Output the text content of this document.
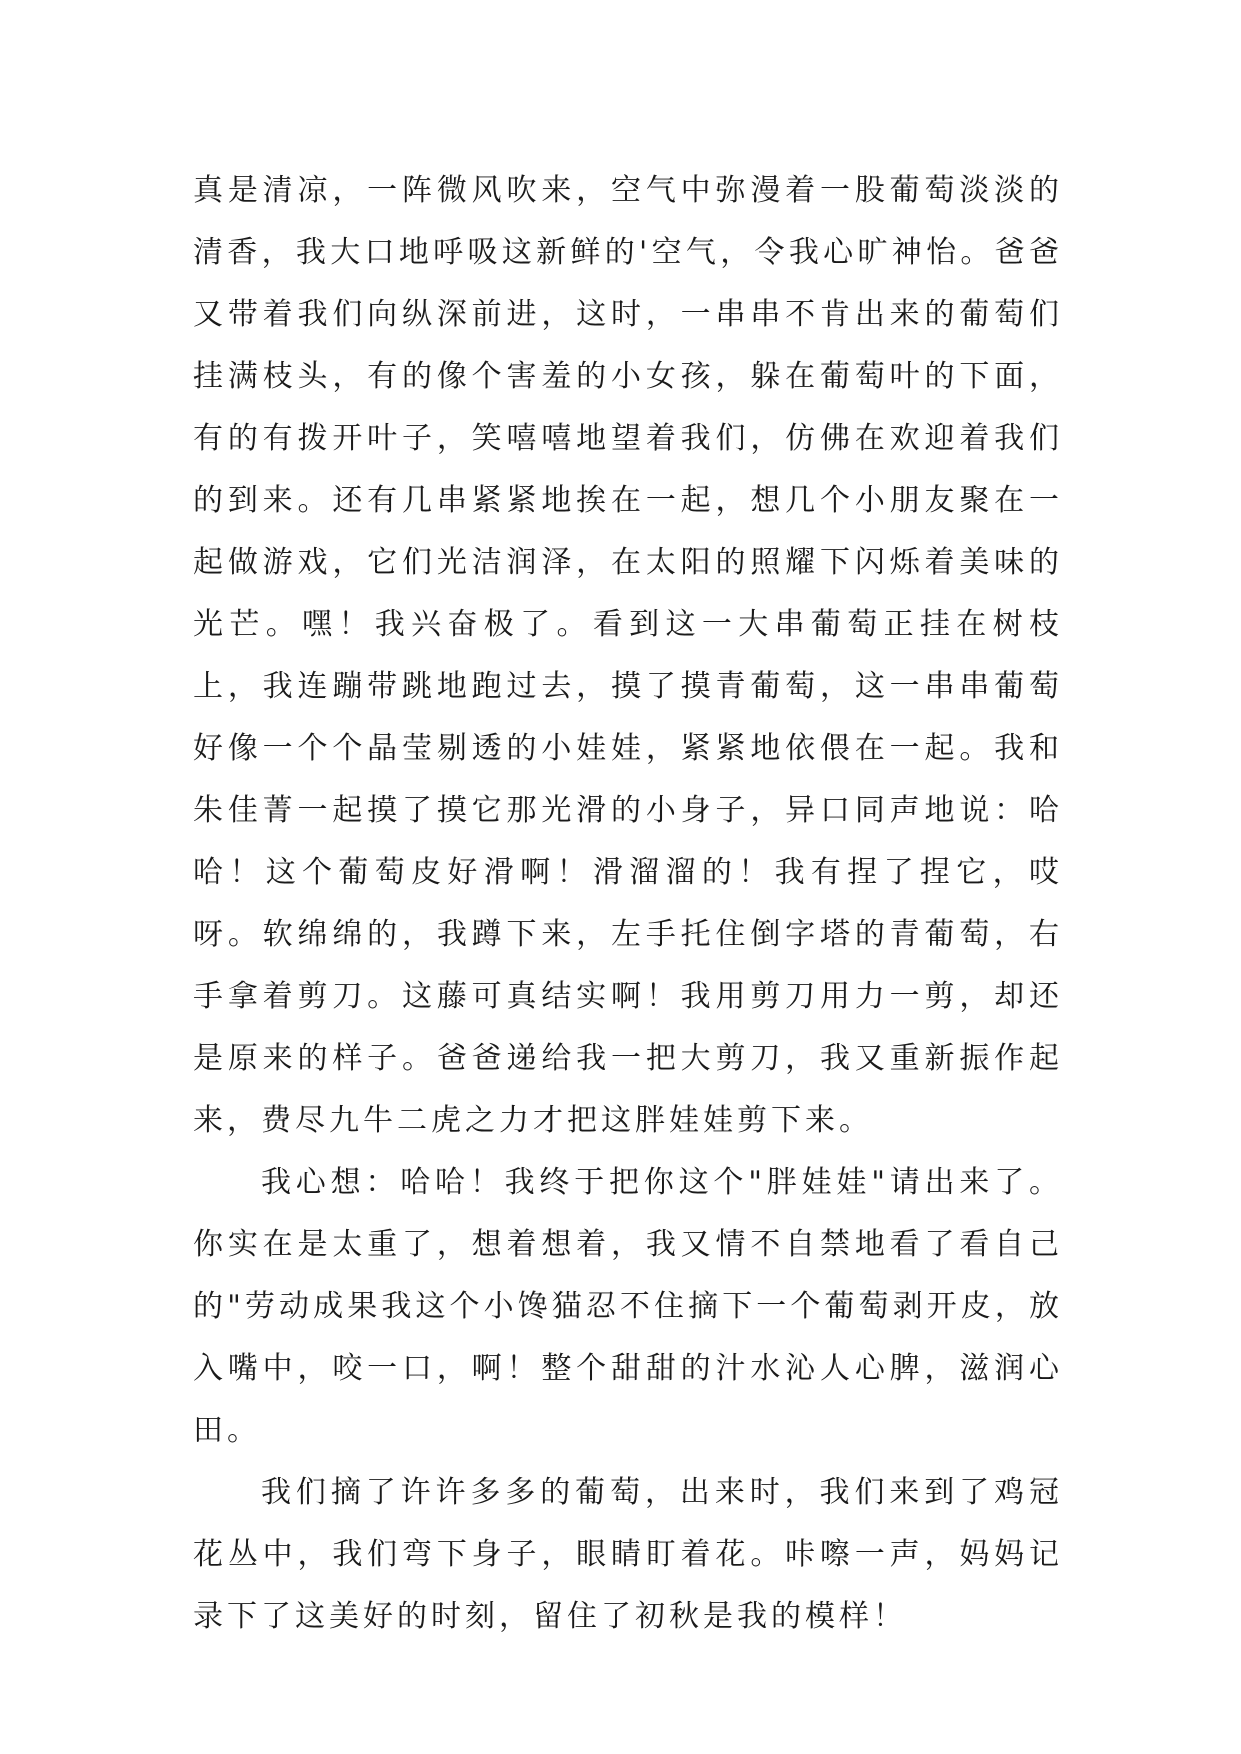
真是清凉，一阵微风吹来，空气中弥漫着一股葡萄淡淡的清香，我大口地呼吸这新鲜的'空气，令我心旷神怡。爸爸又带着我们向纵深前进，这时，一串串不肯出来的葡萄们挂满枝头，有的像个害羞的小女孩，躲在葡萄叶的下面，有的有拨开叶子，笑嘻嘻地望着我们，仿佛在欢迎着我们的到来。还有几串紧紧地挨在一起，想几个小朋友聚在一起做游戏，它们光洁润泽，在太阳的照耀下闪烁着美味的光芒。嘿！我兴奋极了。看到这一大串葡萄正挂在树枝上，我连蹦带跳地跑过去，摸了摸青葡萄，这一串串葡萄好像一个个晶莹剔透的小娃娃，紧紧地依偎在一起。我和朱佳菁一起摸了摸它那光滑的小身子，异口同声地说：哈哈！这个葡萄皮好滑啊！滑溜溜的！我有捏了捏它，哎呀。软绵绵的，我蹲下来，左手托住倒字塔的青葡萄，右手拿着剪刀。这藤可真结实啊！我用剪刀用力一剪，却还是原来的样子。爸爸递给我一把大剪刀，我又重新振作起来，费尽九牛二虎之力才把这胖娃娃剪下来。

我心想：哈哈！我终于把你这个"胖娃娃"请出来了。你实在是太重了，想着想着，我又情不自禁地看了看自己的"劳动成果我这个小馋猫忍不住摘下一个葡萄剥开皮，放入嘴中，咬一口，啊！整个甜甜的汁水沁人心脾，滋润心田。

我们摘了许许多多的葡萄，出来时，我们来到了鸡冠花丛中，我们弯下身子，眼睛盯着花。咔嚓一声，妈妈记录下了这美好的时刻，留住了初秋是我的模样！
